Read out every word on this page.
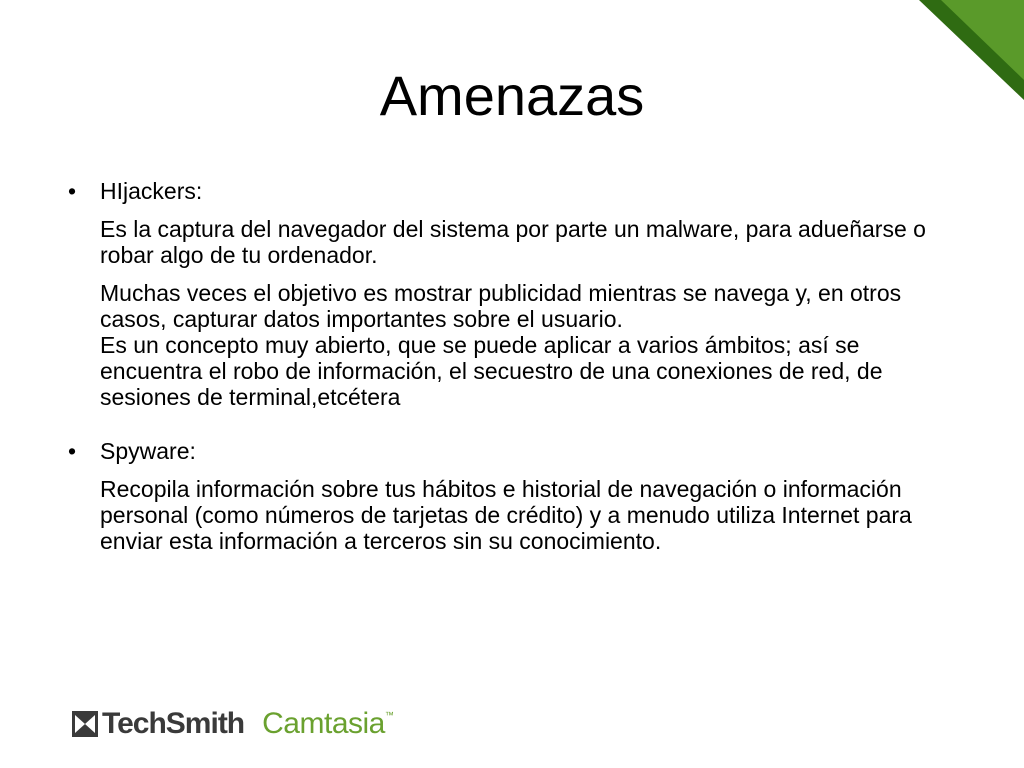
Amenazas
• HIjackers:

Es la captura del navegador del sistema por parte un malware, para adueñarse o robar algo de tu ordenador.

Muchas veces el objetivo es mostrar publicidad mientras se navega y, en otros casos, capturar datos importantes sobre el usuario.
Es un concepto muy abierto, que se puede aplicar a varios ámbitos; así se encuentra el robo de información, el secuestro de una conexiones de red, de sesiones de terminal,etcétera

• Spyware:

Recopila información sobre tus hábitos e historial de navegación o información personal (como números de tarjetas de crédito) y a menudo utiliza Internet para enviar esta información a terceros sin su conocimiento.

TechSmith Camtasia ™
